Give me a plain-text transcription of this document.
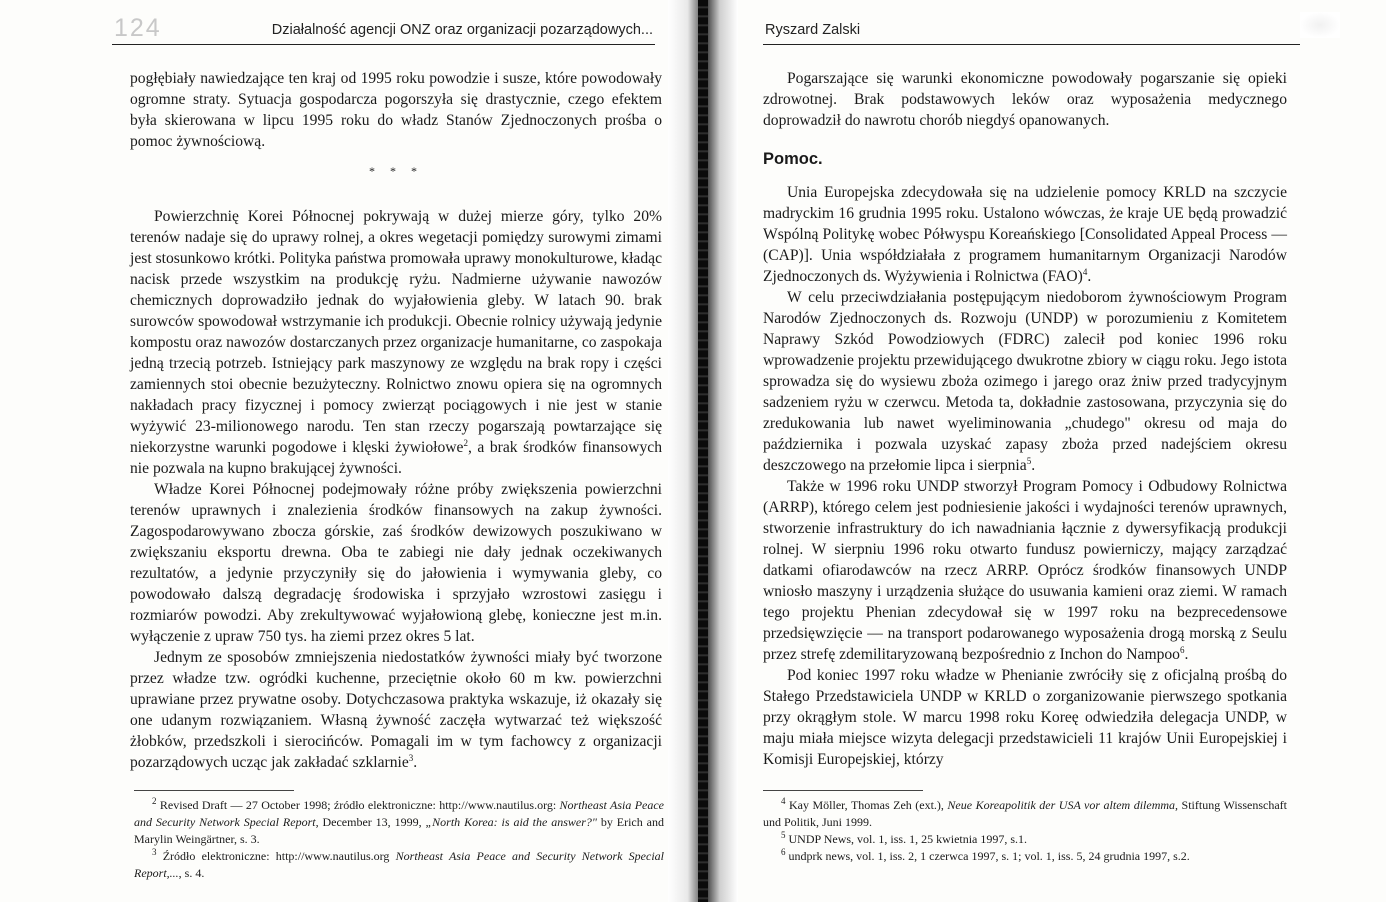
124	Działalność agencji ONZ oraz organizacji pozarządowych...

pogłębiały nawiedzające ten kraj od 1995 roku powodzie i susze, które powodowały ogromne straty. Sytuacja gospodarcza pogorszyła się drastycznie, czego efektem była skierowana w lipcu 1995 roku do władz Stanów Zjednoczonych prośba o pomoc żywnościową.

* * *

Powierzchnię Korei Północnej pokrywają w dużej mierze góry, tylko 20% terenów nadaje się do uprawy rolnej, a okres wegetacji pomiędzy surowymi zimami jest stosunkowo krótki. Polityka państwa promowała uprawy monokulturowe, kładąc nacisk przede wszystkim na produkcję ryżu. Nadmierne używanie nawozów chemicznych doprowadziło jednak do wyjałowienia gleby. W latach 90. brak surowców spowodował wstrzymanie ich produkcji. Obecnie rolnicy używają jedynie kompostu oraz nawozów dostarczanych przez organizacje humanitarne, co zaspokaja jedną trzecią potrzeb. Istniejący park maszynowy ze względu na brak ropy i części zamiennych stoi obecnie bezużyteczny. Rolnictwo znowu opiera się na ogromnych nakładach pracy fizycznej i pomocy zwierząt pociągowych i nie jest w stanie wyżywić 23-milionowego narodu. Ten stan rzeczy pogarszają powtarzające się niekorzystne warunki pogodowe i klęski żywiołowe$^2$, a brak środków finansowych nie pozwala na kupno brakującej żywności.

Władze Korei Północnej podejmowały różne próby zwiększenia powierzchni terenów uprawnych i znalezienia środków finansowych na zakup żywności. Zagospodarowywano zbocza górskie, zaś środków dewizowych poszukiwano w zwiększaniu eksportu drewna. Oba te zabiegi nie dały jednak oczekiwanych rezultatów, a jedynie przyczyniły się do jałowienia i wymywania gleby, co powodowało dalszą degradację środowiska i sprzyjało wzrostowi zasięgu i rozmiarów powodzi. Aby zrekultywować wyjałowioną glebę, konieczne jest m.in. wyłączenie z upraw 750 tys. ha ziemi przez okres 5 lat.

Jednym ze sposobów zmniejszenia niedostatków żywności miały być tworzone przez władze tzw. ogródki kuchenne, przeciętnie około 60 m kw. powierzchni uprawiane przez prywatne osoby. Dotychczasowa praktyka wskazuje, iż okazały się one udanym rozwiązaniem. Własną żywność zaczęła wytwarzać też większość żłobków, przedszkoli i sierocińców. Pomagali im w tym fachowcy z organizacji pozarządowych ucząc jak zakładać szklarnie$^3$.

$^2$ Revised Draft — 27 October 1998; źródło elektroniczne: http://www.nautilus.org: Northeast Asia Peace and Security Network Special Report, December 13, 1999, „North Korea: is aid the answer?" by Erich and Marylin Weingärtner, s. 3.

$^3$ Źródło elektroniczne: http://www.nautilus.org Northeast Asia Peace and Security Network Special Report,..., s. 4.

Ryszard Zalski

Pogarszające się warunki ekonomiczne powodowały pogarszanie się opieki zdrowotnej. Brak podstawowych leków oraz wyposażenia medycznego doprowadził do nawrotu chorób niegdyś opanowanych.

Pomoc.

Unia Europejska zdecydowała się na udzielenie pomocy KRLD na szczycie madryckim 16 grudnia 1995 roku. Ustalono wówczas, że kraje UE będą prowadzić Wspólną Politykę wobec Półwyspu Koreańskiego [Consolidated Appeal Process — (CAP)]. Unia współdziałała z programem humanitarnym Organizacji Narodów Zjednoczonych ds. Wyżywienia i Rolnictwa (FAO)$^4$.

W celu przeciwdziałania postępującym niedoborom żywnościowym Program Narodów Zjednoczonych ds. Rozwoju (UNDP) w porozumieniu z Komitetem Naprawy Szkód Powodziowych (FDRC) zalecił pod koniec 1996 roku wprowadzenie projektu przewidującego dwukrotne zbiory w ciągu roku. Jego istota sprowadza się do wysiewu zboża ozimego i jarego oraz żniw przed tradycyjnym sadzeniem ryżu w czerwcu. Metoda ta, dokładnie zastosowana, przyczynia się do zredukowania lub nawet wyeliminowania „chudego" okresu od maja do października i pozwala uzyskać zapasy zboża przed nadejściem okresu deszczowego na przełomie lipca i sierpnia$^5$.

Także w 1996 roku UNDP stworzył Program Pomocy i Odbudowy Rolnictwa (ARRP), którego celem jest podniesienie jakości i wydajności terenów uprawnych, stworzenie infrastruktury do ich nawadniania łącznie z dywersyfikacją produkcji rolnej. W sierpniu 1996 roku otwarto fundusz powierniczy, mający zarządzać datkami ofiarodawców na rzecz ARRP. Oprócz środków finansowych UNDP wniosło maszyny i urządzenia służące do usuwania kamieni oraz ziemi. W ramach tego projektu Phenian zdecydował się w 1997 roku na bezprecedensowe przedsięwzięcie — na transport podarowanego wyposażenia drogą morską z Seulu przez strefę zdemilitaryzowaną bezpośrednio z Inchon do Nampoo$^6$.

Pod koniec 1997 roku władze w Phenianie zwróciły się z oficjalną prośbą do Stałego Przedstawiciela UNDP w KRLD o zorganizowanie pierwszego spotkania przy okrągłym stole. W marcu 1998 roku Koreę odwiedziła delegacja UNDP, w maju miała miejsce wizyta delegacji przedstawicieli 11 krajów Unii Europejskiej i Komisji Europejskiej, którzy

$^4$ Kay Möller, Thomas Zeh (ext.), Neue Koreapolitik der USA vor altem dilemma, Stiftung Wissenschaft und Politik, Juni 1999.

$^5$ UNDP News, vol. 1, iss. 1, 25 kwietnia 1997, s.1.

$^6$ undprk news, vol. 1, iss. 2, 1 czerwca 1997, s. 1; vol. 1, iss. 5, 24 grudnia 1997, s.2.
